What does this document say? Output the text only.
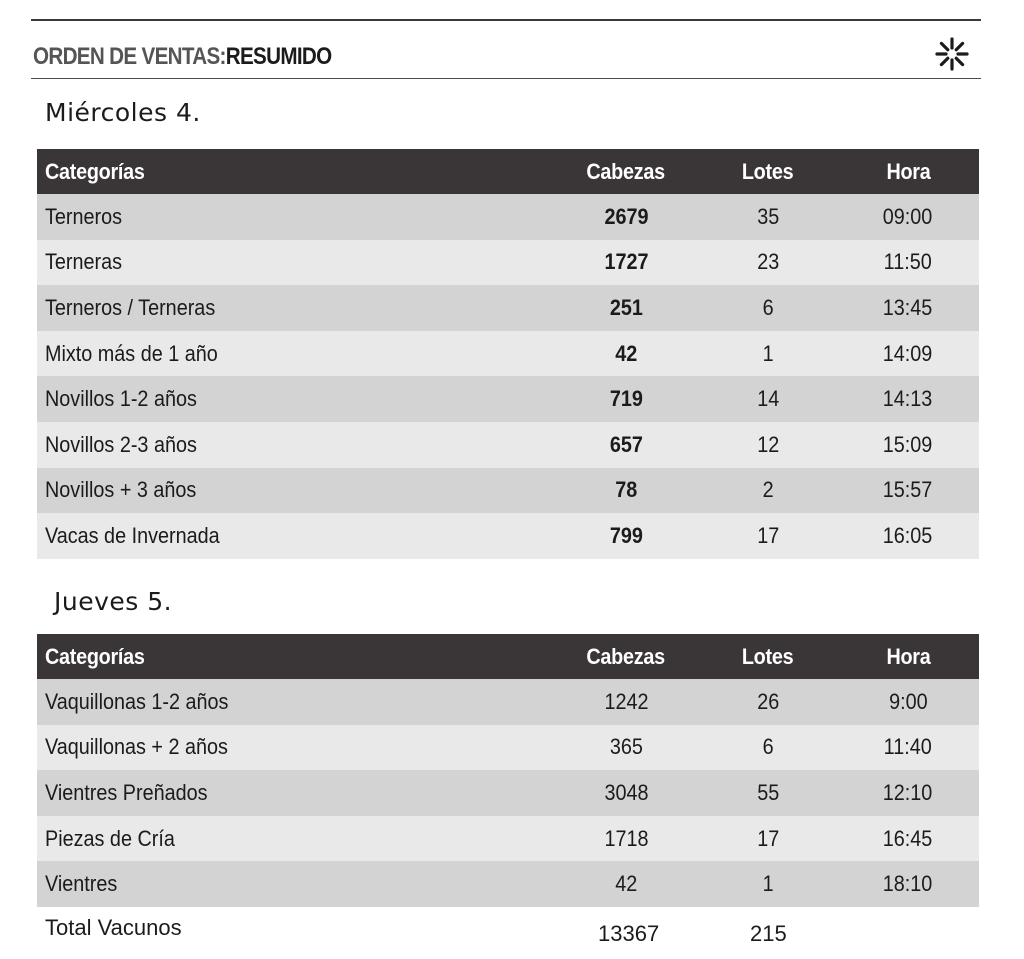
ORDEN DE VENTAS:RESUMIDO
Miércoles 4.
Categorías	Cabezas	Lotes	Hora
Terneros	2679	35	09:00
Terneras	1727	23	11:50
Terneros / Terneras	251	6	13:45
Mixto más de 1 año	42	1	14:09
Novillos 1-2 años	719	14	14:13
Novillos 2-3 años	657	12	15:09
Novillos + 3 años	78	2	15:57
Vacas de Invernada	799	17	16:05
Jueves 5.
Categorías	Cabezas	Lotes	Hora
Vaquillonas 1-2 años	1242	26	9:00
Vaquillonas + 2 años	365	6	11:40
Vientres Preñados	3048	55	12:10
Piezas de Cría	1718	17	16:45
Vientres	42	1	18:10
Total Vacunos	13367	215
